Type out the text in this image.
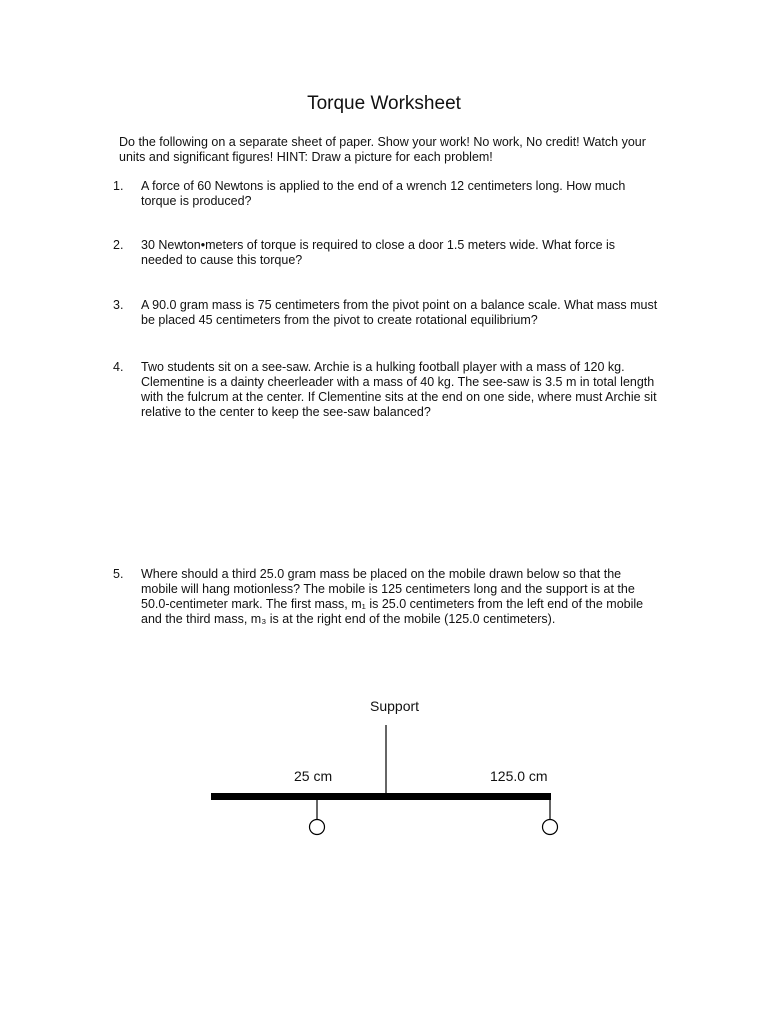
Torque Worksheet
Do the following on a separate sheet of paper. Show your work! No work, No credit! Watch your units and significant figures! HINT: Draw a picture for each problem!
1.	A force of 60 Newtons is applied to the end of a wrench 12 centimeters long. How much torque is produced?
2.	30 Newton•meters of torque is required to close a door 1.5 meters wide. What force is needed to cause this torque?
3.	A 90.0 gram mass is 75 centimeters from the pivot point on a balance scale. What mass must be placed 45 centimeters from the pivot to create rotational equilibrium?
4.	Two students sit on a see-saw. Archie is a hulking football player with a mass of 120 kg. Clementine is a dainty cheerleader with a mass of 40 kg. The see-saw is 3.5 m in total length with the fulcrum at the center. If Clementine sits at the end on one side, where must Archie sit relative to the center to keep the see-saw balanced?
5.	Where should a third 25.0 gram mass be placed on the mobile drawn below so that the mobile will hang motionless? The mobile is 125 centimeters long and the support is at the 50.0-centimeter mark. The first mass, m₁ is 25.0 centimeters from the left end of the mobile and the third mass, m₃ is at the right end of the mobile (125.0 centimeters).
Support
25 cm	125.0 cm
